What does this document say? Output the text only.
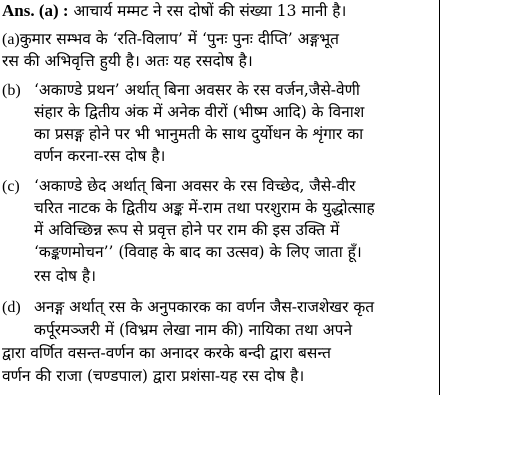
Ans. (a) : आचार्य मम्मट ने रस दोषों की संख्या 13 मानी है।
(a)कुमार सम्भव के ‘रति-विलाप’ में ‘पुनः पुनः दीप्ति’ अङ्गभूत
रस की अभिवृत्ति हुयी है। अतः यह रसदोष है।
(b) ‘अकाण्डे प्रथन’ अर्थात् बिना अवसर के रस वर्जन,जैसे-वेणी
संहार के द्वितीय अंक में अनेक वीरों (भीष्म आदि) के विनाश
का प्रसङ्ग होने पर भी भानुमती के साथ दुर्योधन के शृंगार का
वर्णन करना-रस दोष है।
(c) ‘अकाण्डे छेद अर्थात् बिना अवसर के रस विच्छेद, जैसे-वीर
चरित नाटक के द्वितीय अङ्क में-राम तथा परशुराम के युद्धोत्साह
में अविच्छिन्न रूप से प्रवृत्त होने पर राम की इस उक्ति में
‘कङ्कणमोचन’’ (विवाह के बाद का उत्सव) के लिए जाता हूँ।
रस दोष है।
(d) अनङ्ग अर्थात् रस के अनुपकारक का वर्णन जैस-राजशेखर कृत
कर्पूरमञ्जरी में (विभ्रम लेखा नाम की) नायिका तथा अपने
द्वारा वर्णित वसन्त-वर्णन का अनादर करके बन्दी द्वारा बसन्त
वर्णन की राजा (चण्डपाल) द्वारा प्रशंसा-यह रस दोष है।
